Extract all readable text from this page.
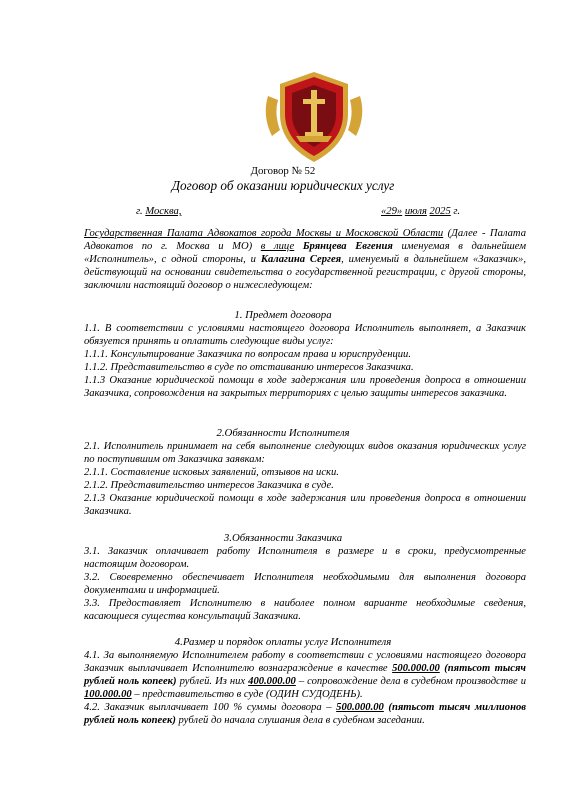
Договор № 52
Договор об оказании юридических услуг
г. Москва,	«29» июля 2025 г.
Государственная Палата Адвокатов города Москвы и Московской Области (Далее - Палата Адвокатов по г. Москва и МО) в лице Брянцева Евгения именуемая в дальнейшем «Исполнитель», с одной стороны, и Калагина Сергея, именуемый в дальнейшем «Заказчик», действующий на основании свидетельства о государственной регистрации, с другой стороны, заключили настоящий договор о нижеследующем:
1. Предмет договора
1.1. В соответствии с условиями настоящего договора Исполнитель выполняет, а Заказчик обязуется принять и оплатить следующие виды услуг:
1.1.1. Консультирование Заказчика по вопросам права и юриспруденции.
1.1.2. Представительство в суде по отстаиванию интересов Заказчика.
1.1.3 Оказание юридической помощи в ходе задержания или проведения допроса в отношении Заказчика, сопровождения на закрытых территориях с целью защиты интересов заказчика.
2.Обязанности Исполнителя
2.1. Исполнитель принимает на себя выполнение следующих видов оказания юридических услуг по поступившим от Заказчика заявкам:
2.1.1. Составление исковых заявлений, отзывов на иски.
2.1.2. Представительство интересов Заказчика в суде.
2.1.3 Оказание юридической помощи в ходе задержания или проведения допроса в отношении Заказчика.
3.Обязанности Заказчика
3.1. Заказчик оплачивает работу Исполнителя в размере и в сроки, предусмотренные настоящим договором.
3.2. Своевременно обеспечивает Исполнителя необходимыми для выполнения договора документами и информацией.
3.3. Предоставляет Исполнителю в наиболее полном варианте необходимые сведения, касающиеся существа консультаций Заказчика.
4.Размер и порядок оплаты услуг Исполнителя
4.1. За выполняемую Исполнителем работу в соответствии с условиями настоящего договора Заказчик выплачивает Исполнителю вознаграждение в качестве 500.000.00 (пятьсот тысяч рублей ноль копеек) рублей. Из них 400.000.00 – сопровождение дела в судебном производстве и 100.000.00 – представительство в суде (ОДИН СУДОДЕНЬ).
4.2. Заказчик выплачивает 100 % суммы договора – 500.000.00 (пятьсот тысяч миллионов рублей ноль копеек) рублей до начала слушания дела в судебном заседании.
